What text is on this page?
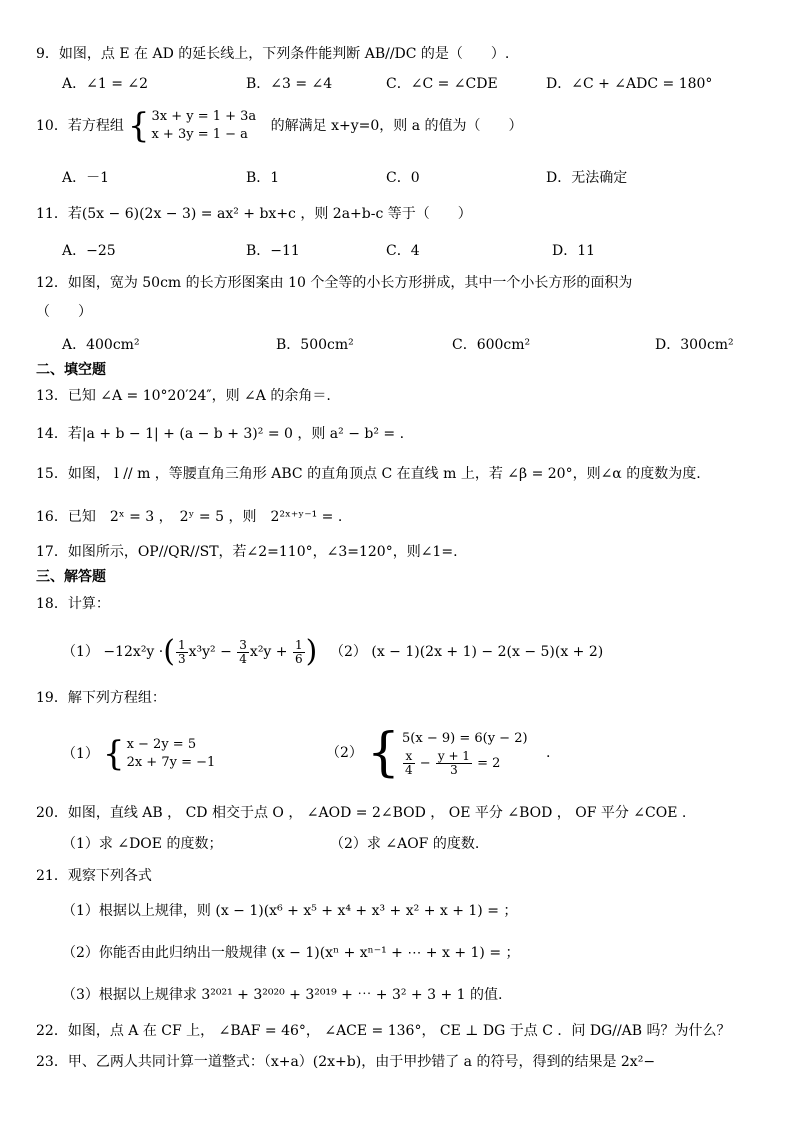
9．如图，点 E 在 AD 的延长线上，下列条件能判断 AB//DC 的是（　　）.
A．∠1 = ∠2	B．∠3 = ∠4	C．∠C = ∠CDE	D．∠C + ∠ADC = 180°
10．若方程组 { 3x + y = 1 + 3a
x + 3y = 1 − a
的解满足 x+y=0，则 a 的值为（　　）
A．－1	B．1	C．0	D．无法确定
11．若(5x − 6)(2x − 3) = ax² + bx+c ，则 2a+b-c 等于（　　）
A．−25	B．−11	C．4	D．11
12．如图，宽为 50cm 的长方形图案由 10 个全等的小长方形拼成，其中一个小长方形的面积为
（　　）
A．400cm²	B．500cm²	C．600cm²	D．300cm²
二、填空题
13．已知 ∠A = 10°20′24″，则 ∠A 的余角＝.
14．若|a + b − 1| + (a − b + 3)² = 0 ，则 a² − b² = .
15．如图， l // m ，等腰直角三角形 ABC 的直角顶点 C 在直线 m 上，若 ∠β = 20°，则∠α 的度数为度.
16．已知　2ˣ = 3 ，　2ʸ = 5 ，则　2²ˣ⁺ʸ⁻¹ = .
17．如图所示，OP//QR//ST，若∠2=110°，∠3=120°，则∠1=.
三、解答题
18．计算：
（1） −12x²y ·( $\frac{1}{3} x^3y^2 - \frac{3}{4} x^2y + \frac{1}{6}$ ) （2） (x − 1)(2x + 1) − 2(x − 5)(x + 2)
19．解下列方程组：
（1） { x − 2y = 5
2x + 7y = −1
（2）{ 5(x − 9) = 6(y − 2)
$\frac{x}{4} - \frac{y + 1}{3} = 2$
.
20．如图，直线 AB ， CD 相交于点 O ， ∠AOD = 2∠BOD ， OE 平分 ∠BOD ， OF 平分 ∠COE .
（1）求 ∠DOE 的度数；	（2）求 ∠AOF 的度数.
21．观察下列各式
（1）根据以上规律，则 (x − 1)(x⁶ + x⁵ + x⁴ + x³ + x² + x + 1) = ；
（2）你能否由此归纳出一般规律 (x − 1)(xⁿ + xⁿ⁻¹ + ⋯ + x + 1) = ；
（3）根据以上规律求 3²⁰²¹ + 3²⁰²⁰ + 3²⁰¹⁹ + ⋯ + 3² + 3 + 1 的值.
22．如图，点 A 在 CF 上， ∠BAF = 46°， ∠ACE = 136°， CE ⊥ DG 于点 C ．问 DG//AB 吗？为什么？
23．甲、乙两人共同计算一道整式：（x+a）(2x+b)，由于甲抄错了 a 的符号，得到的结果是 2x²−
